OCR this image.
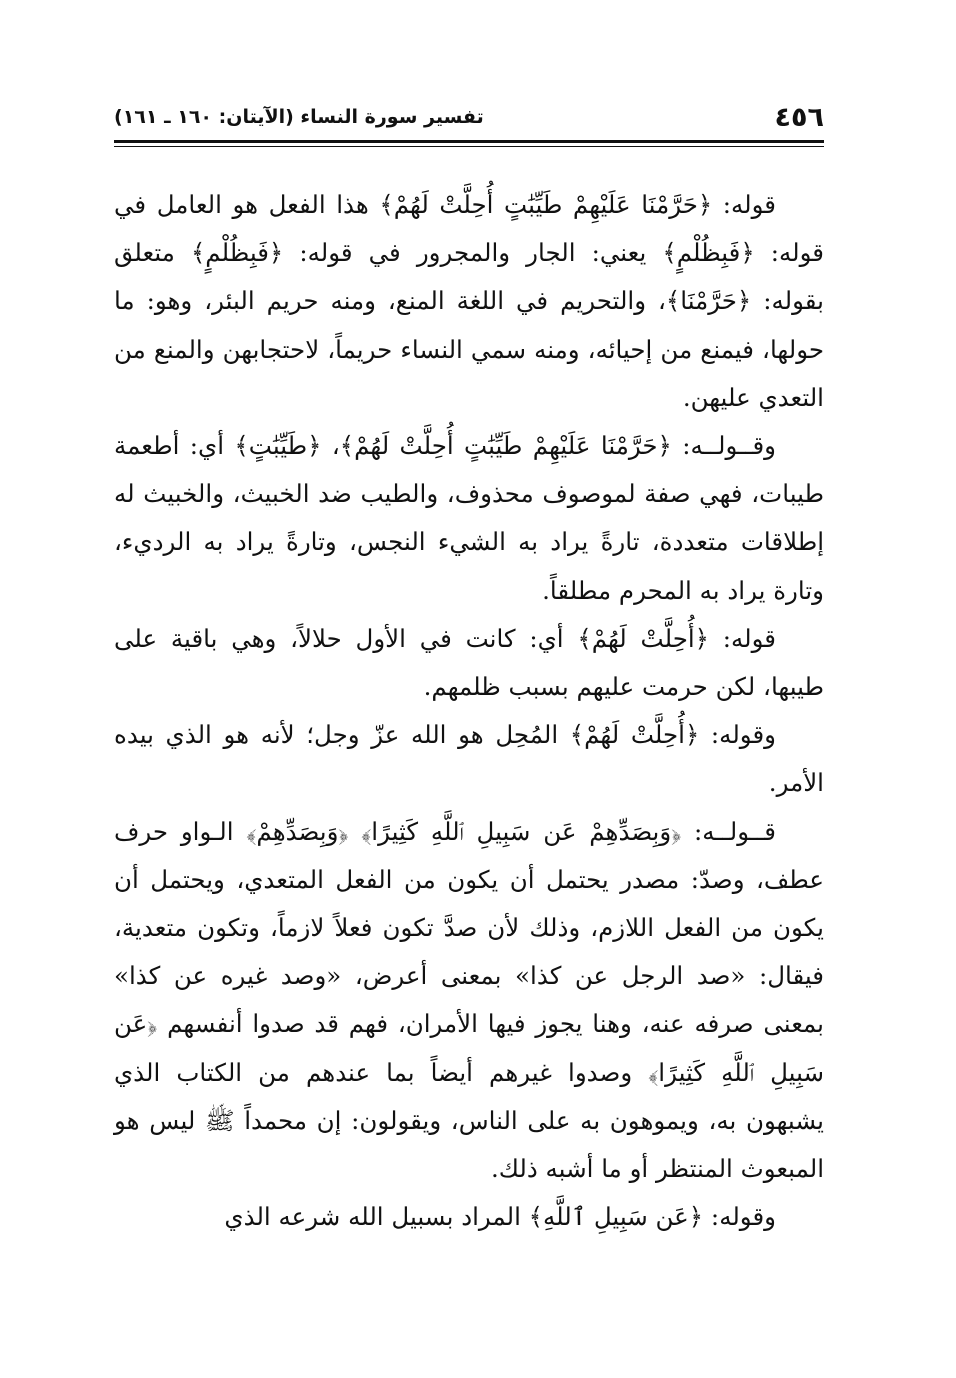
٤٥٦
تفسير سورة النساء (الآيتان: ١٦٠ ـ ١٦١)

قوله: ﴿حَرَّمْنَا عَلَيْهِمْ طَيِّبَٰتٍ أُحِلَّتْ لَهُمْ﴾ هذا الفعل هو العامل في قوله: ﴿فَبِظُلْمٍ﴾ يعني: الجار والمجرور في قوله: ﴿فَبِظُلْمٍ﴾ متعلق بقوله: ﴿حَرَّمْنَا﴾، والتحريم في اللغة المنع، ومنه حريم البئر، وهو: ما حولها، فيمنع من إحيائه، ومنه سمي النساء حريماً، لاحتجابهن والمنع من التعدي عليهن.

وقــولــه: ﴿حَرَّمْنَا عَلَيْهِمْ طَيِّبَٰتٍ أُحِلَّتْ لَهُمْ﴾، ﴿طَيِّبَٰتٍ﴾ أي: أطعمة طيبات، فهي صفة لموصوف محذوف، والطيب ضد الخبيث، والخبيث له إطلاقات متعددة، تارةً يراد به الشيء النجس، وتارةً يراد به الرديء، وتارة يراد به المحرم مطلقاً.

قوله: ﴿أُحِلَّتْ لَهُمْ﴾ أي: كانت في الأول حلالاً، وهي باقية على طيبها، لكن حرمت عليهم بسبب ظلمهم.

وقوله: ﴿أُحِلَّتْ لَهُمْ﴾ المُحِل هو الله عزّ وجل؛ لأنه هو الذي بيده الأمر.

قــولــه: ﴿وَبِصَدِّهِمْ عَن سَبِيلِ ٱللَّهِ كَثِيرًا﴾ ﴿وَبِصَدِّهِمْ﴾ الـواو حرف عطف، وصدّ: مصدر يحتمل أن يكون من الفعل المتعدي، ويحتمل أن يكون من الفعل اللازم، وذلك لأن صدَّ تكون فعلاً لازماً، وتكون متعدية، فيقال: «صد الرجل عن كذا» بمعنى أعرض، «وصد غيره عن كذا» بمعنى صرفه عنه، وهنا يجوز فيها الأمران، فهم قد صدوا أنفسهم ﴿عَن سَبِيلِ ٱللَّهِ كَثِيرًا﴾ وصدوا غيرهم أيضاً بما عندهم من الكتاب الذي يشبهون به، ويموهون به على الناس، ويقولون: إن محمداً ﷺ ليس هو المبعوث المنتظر أو ما أشبه ذلك.

وقوله: ﴿عَن سَبِيلِ ٱللَّهِ﴾ المراد بسبيل الله شرعه الذي
